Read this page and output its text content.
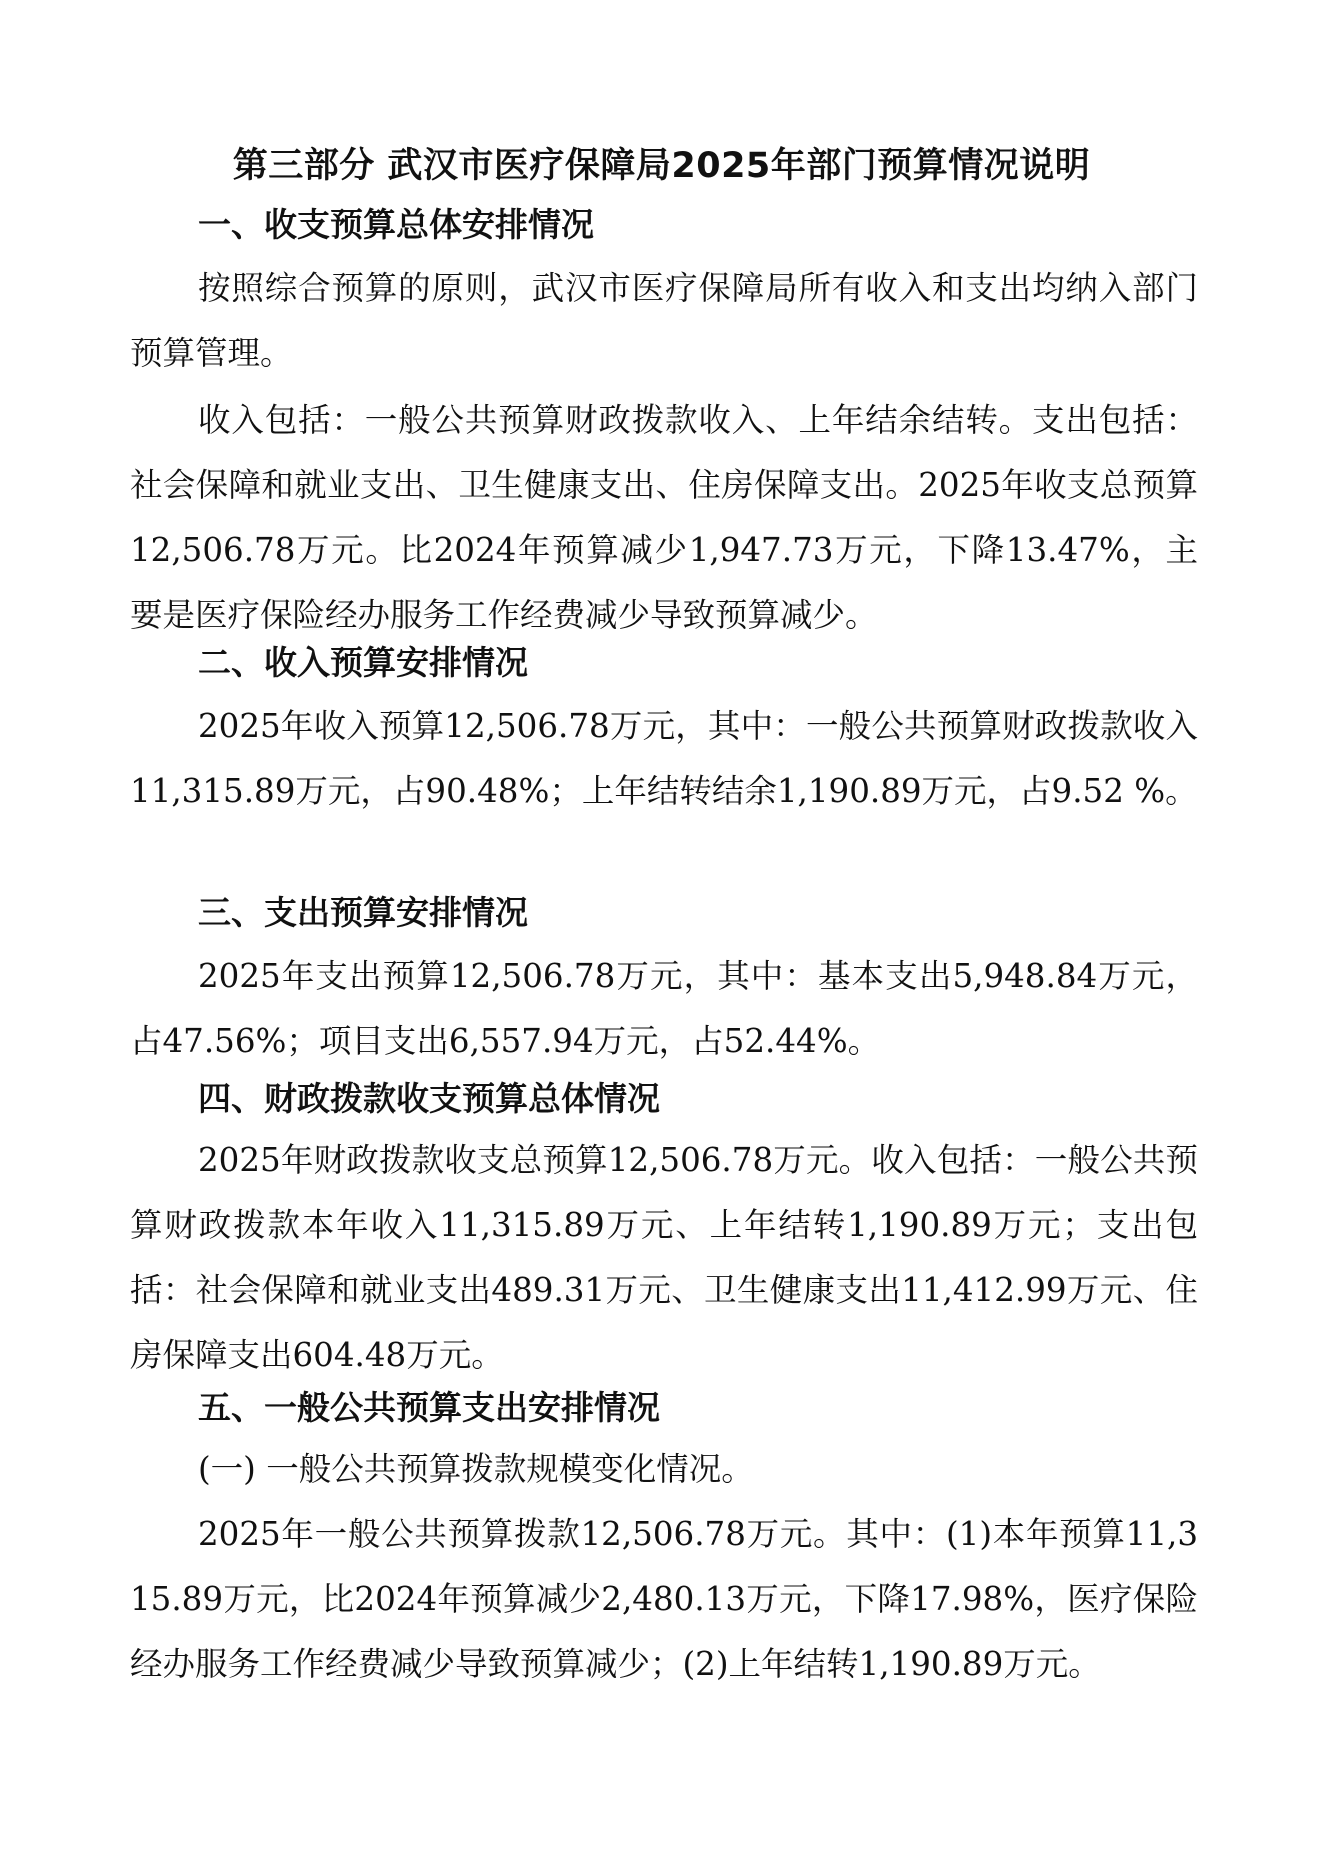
第三部分 武汉市医疗保障局2025年部门预算情况说明
一、收支预算总体安排情况
按照综合预算的原则，武汉市医疗保障局所有收入和支出均纳入部门预算管理。
收入包括：一般公共预算财政拨款收入、上年结余结转。支出包括：社会保障和就业支出、卫生健康支出、住房保障支出。2025年收支总预算12,506.78万元。比2024年预算减少1,947.73万元，下降13.47%，主要是医疗保险经办服务工作经费减少导致预算减少。
二、收入预算安排情况
2025年收入预算12,506.78万元，其中：一般公共预算财政拨款收入11,315.89万元，占90.48%；上年结转结余1,190.89万元，占9.52 %。
三、支出预算安排情况
2025年支出预算12,506.78万元，其中：基本支出5,948.84万元，占47.56%；项目支出6,557.94万元，占52.44%。
四、财政拨款收支预算总体情况
2025年财政拨款收支总预算12,506.78万元。收入包括：一般公共预算财政拨款本年收入11,315.89万元、上年结转1,190.89万元；支出包括：社会保障和就业支出489.31万元、卫生健康支出11,412.99万元、住房保障支出604.48万元。
五、一般公共预算支出安排情况
(一) 一般公共预算拨款规模变化情况。
2025年一般公共预算拨款12,506.78万元。其中：(1)本年预算11,315.89万元，比2024年预算减少2,480.13万元，下降17.98%，医疗保险经办服务工作经费减少导致预算减少；(2)上年结转1,190.89万元。
